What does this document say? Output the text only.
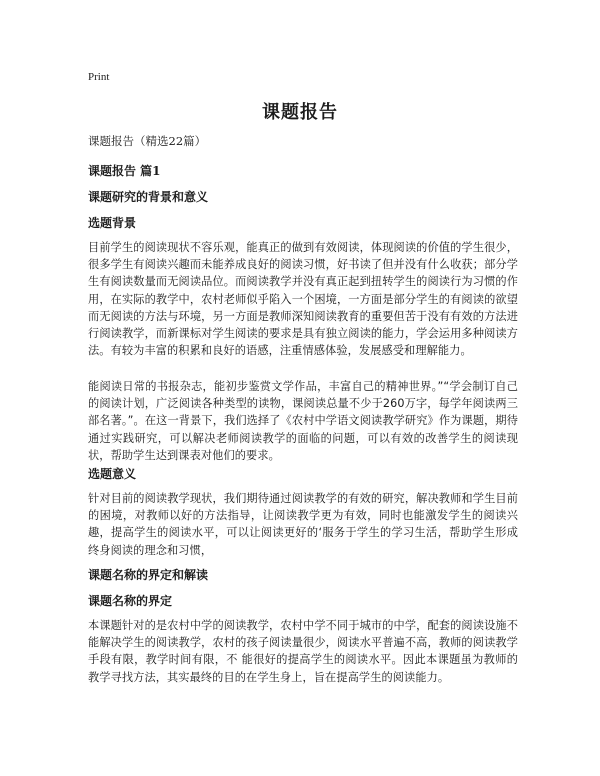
Print
课题报告
课题报告（精选22篇）
课题报告 篇1
课题研究的背景和意义
选题背景
目前学生的阅读现状不容乐观，能真正的做到有效阅读，体现阅读的价值的学生很少，很多学生有阅读兴趣而未能养成良好的阅读习惯，好书读了但并没有什么收获；部分学生有阅读数量而无阅读品位。而阅读教学并没有真正起到扭转学生的阅读行为习惯的作用，在实际的教学中，农村老师似乎陷入一个困境，一方面是部分学生的有阅读的欲望而无阅读的方法与环境，另一方面是教师深知阅读教育的重要但苦于没有有效的方法进行阅读教学，而新课标对学生阅读的要求是具有独立阅读的能力，学会运用多种阅读方法。有较为丰富的积累和良好的语感，注重情感体验，发展感受和理解能力。
能阅读日常的书报杂志，能初步鉴赏文学作品，丰富自己的精神世界。”“学会制订自己的阅读计划，广泛阅读各种类型的读物，课阅读总量不少于260万字，每学年阅读两三部名著。”。在这一背景下，我们选择了《农村中学语文阅读教学研究》作为课题，期待通过实践研究，可以解决老师阅读教学的面临的问题，可以有效的改善学生的阅读现状，帮助学生达到课表对他们的要求。
选题意义
针对目前的阅读教学现状，我们期待通过阅读教学的有效的研究，解决教师和学生目前的困境，对教师以好的方法指导，让阅读教学更为有效，同时也能激发学生的阅读兴趣，提高学生的阅读水平，可以让阅读更好的‘服务于学生的学习生活，帮助学生形成终身阅读的理念和习惯，
课题名称的界定和解读
课题名称的界定
本课题针对的是农村中学的阅读教学，农村中学不同于城市的中学，配套的阅读设施不能解决学生的阅读教学，农村的孩子阅读量很少，阅读水平普遍不高，教师的阅读教学手段有限，教学时间有限，不 能很好的提高学生的阅读水平。因此本课题虽为教师的教学寻找方法，其实最终的目的在学生身上，旨在提高学生的阅读能力。
